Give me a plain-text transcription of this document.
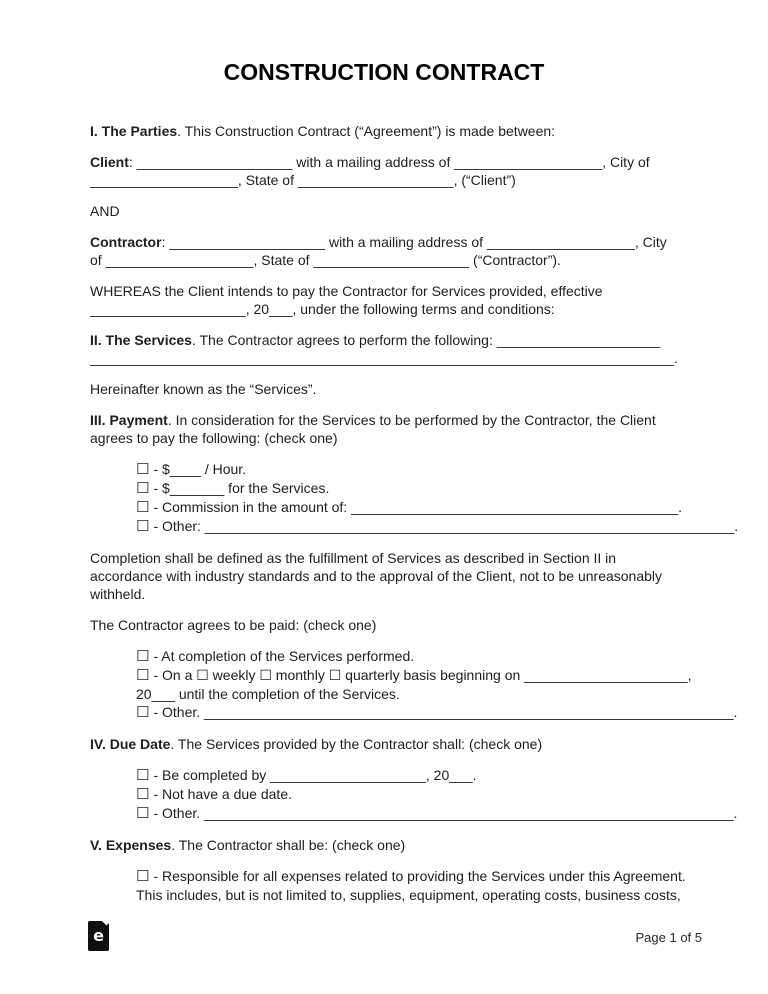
CONSTRUCTION CONTRACT
I. The Parties. This Construction Contract (“Agreement”) is made between:
Client: ____________________ with a mailing address of ___________________, City of
___________________, State of ____________________, (“Client”)
AND
Contractor: ____________________ with a mailing address of ___________________, City
of ___________________, State of ____________________ (“Contractor”).
WHEREAS the Client intends to pay the Contractor for Services provided, effective
____________________, 20___, under the following terms and conditions:
II. The Services. The Contractor agrees to perform the following: _____________________
___________________________________________________________________________.
Hereinafter known as the “Services”.
III. Payment. In consideration for the Services to be performed by the Contractor, the Client
agrees to pay the following: (check one)
☐ - $____ / Hour.
☐ - $_______ for the Services.
☐ - Commission in the amount of: __________________________________________.
☐ - Other: ____________________________________________________________________.
Completion shall be defined as the fulfillment of Services as described in Section II in
accordance with industry standards and to the approval of the Client, not to be unreasonably
withheld.
The Contractor agrees to be paid: (check one)
☐ - At completion of the Services performed.
☐ - On a ☐ weekly ☐ monthly ☐ quarterly basis beginning on _____________________,
20___ until the completion of the Services.
☐ - Other. ____________________________________________________________________.
IV. Due Date. The Services provided by the Contractor shall: (check one)
☐ - Be completed by ____________________, 20___.
☐ - Not have a due date.
☐ - Other. ____________________________________________________________________.
V. Expenses. The Contractor shall be: (check one)
☐ - Responsible for all expenses related to providing the Services under this Agreement.
This includes, but is not limited to, supplies, equipment, operating costs, business costs,
e	Page 1 of 5
